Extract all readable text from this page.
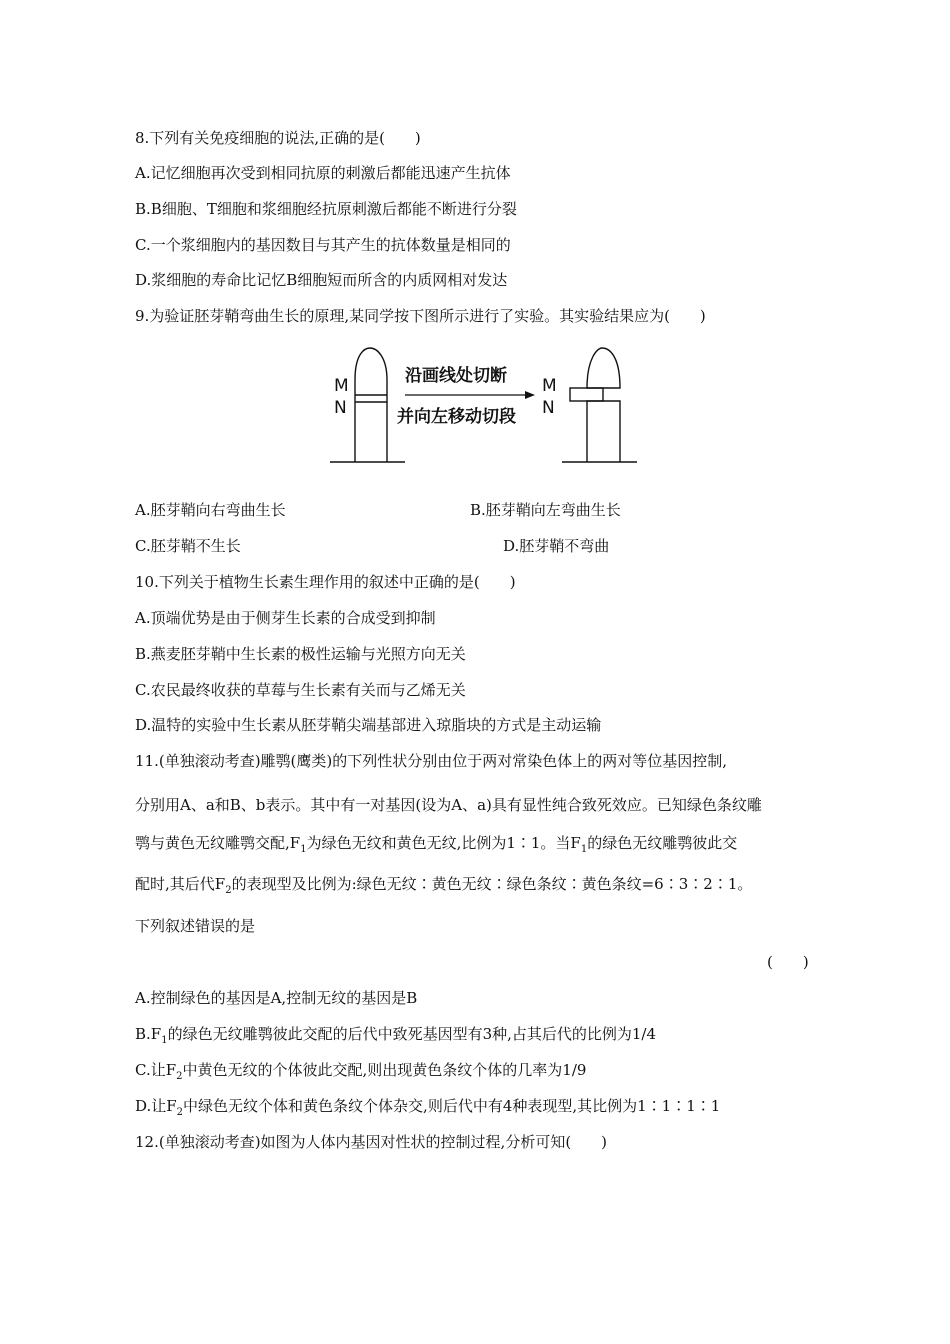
8.下列有关免疫细胞的说法,正确的是(　　)
A.记忆细胞再次受到相同抗原的刺激后都能迅速产生抗体
B.B细胞、T细胞和浆细胞经抗原刺激后都能不断进行分裂
C.一个浆细胞内的基因数目与其产生的抗体数量是相同的
D.浆细胞的寿命比记忆B细胞短而所含的内质网相对发达
9.为验证胚芽鞘弯曲生长的原理,某同学按下图所示进行了实验。其实验结果应为(　　)
M
N
沿画线处切断
并向左移动切段
M
N
A.胚芽鞘向右弯曲生长	B.胚芽鞘向左弯曲生长
C.胚芽鞘不生长	D.胚芽鞘不弯曲
10.下列关于植物生长素生理作用的叙述中正确的是(　　)
A.顶端优势是由于侧芽生长素的合成受到抑制
B.燕麦胚芽鞘中生长素的极性运输与光照方向无关
C.农民最终收获的草莓与生长素有关而与乙烯无关
D.温特的实验中生长素从胚芽鞘尖端基部进入琼脂块的方式是主动运输
11.(单独滚动考查)雕鹗(鹰类)的下列性状分别由位于两对常染色体上的两对等位基因控制,
分别用A、a和B、b表示。其中有一对基因(设为A、a)具有显性纯合致死效应。已知绿色条纹雕
鹗与黄色无纹雕鹗交配$,F_1$为绿色无纹和黄色无纹,比例为1∶1。当$F_1$的绿色无纹雕鹗彼此交
配时,其后代$F_2$的表现型及比例为:绿色无纹∶黄色无纹∶绿色条纹∶黄色条纹=6∶3∶2∶1。
下列叙述错误的是
(　　)
A.控制绿色的基因是A,控制无纹的基因是B
$B.F_1$的绿色无纹雕鹗彼此交配的后代中致死基因型有3种,占其后代的比例为1/4
C.让$F_2$中黄色无纹的个体彼此交配,则出现黄色条纹个体的几率为1/9
D.让$F_2$中绿色无纹个体和黄色条纹个体杂交,则后代中有4种表现型,其比例为1∶1∶1∶1
12.(单独滚动考查)如图为人体内基因对性状的控制过程,分析可知(　　)
